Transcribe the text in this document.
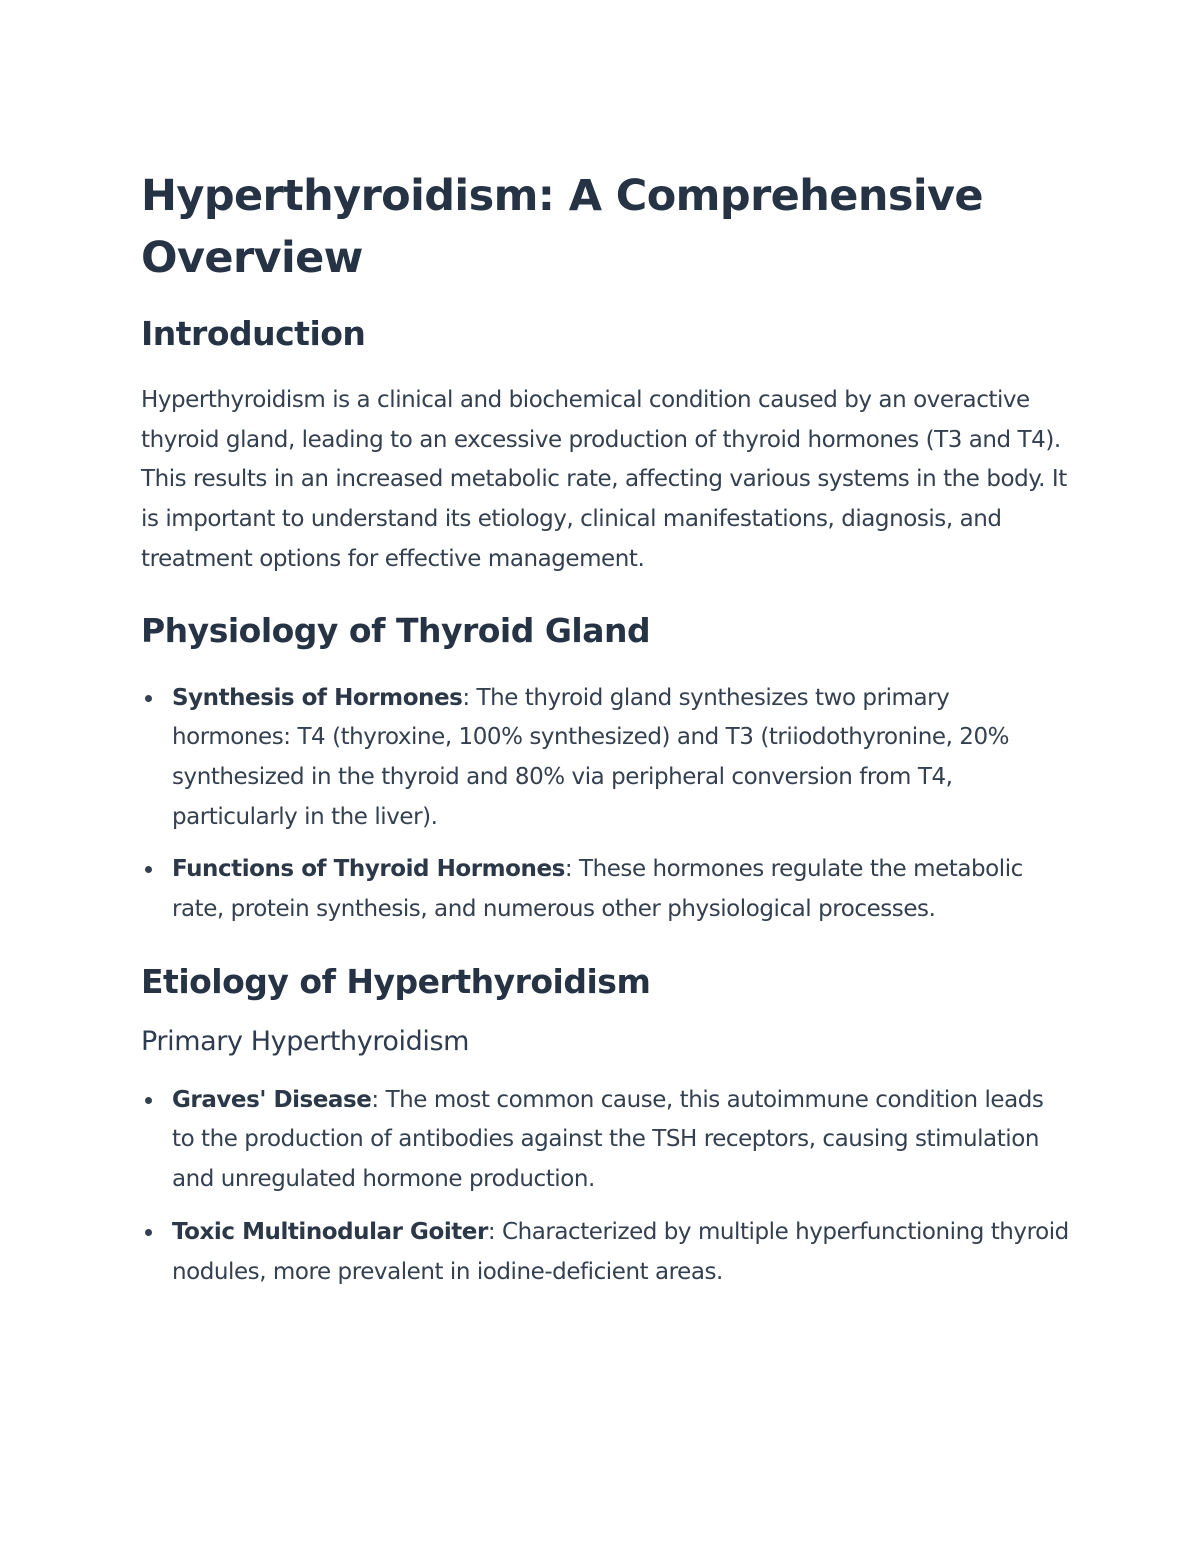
Hyperthyroidism: A Comprehensive Overview
Introduction

Hyperthyroidism is a clinical and biochemical condition caused by an overactive thyroid gland, leading to an excessive production of thyroid hormones (T3 and T4). This results in an increased metabolic rate, affecting various systems in the body. It is important to understand its etiology, clinical manifestations, diagnosis, and treatment options for effective management.

Physiology of Thyroid Gland
Synthesis of Hormones: The thyroid gland synthesizes two primary hormones: T4 (thyroxine, 100% synthesized) and T3 (triiodothyronine, 20% synthesized in the thyroid and 80% via peripheral conversion from T4, particularly in the liver).
Functions of Thyroid Hormones: These hormones regulate the metabolic rate, protein synthesis, and numerous other physiological processes.
Etiology of Hyperthyroidism
Primary Hyperthyroidism
Graves' Disease: The most common cause, this autoimmune condition leads to the production of antibodies against the TSH receptors, causing stimulation and unregulated hormone production.
Toxic Multinodular Goiter: Characterized by multiple hyperfunctioning thyroid nodules, more prevalent in iodine-deficient areas.
